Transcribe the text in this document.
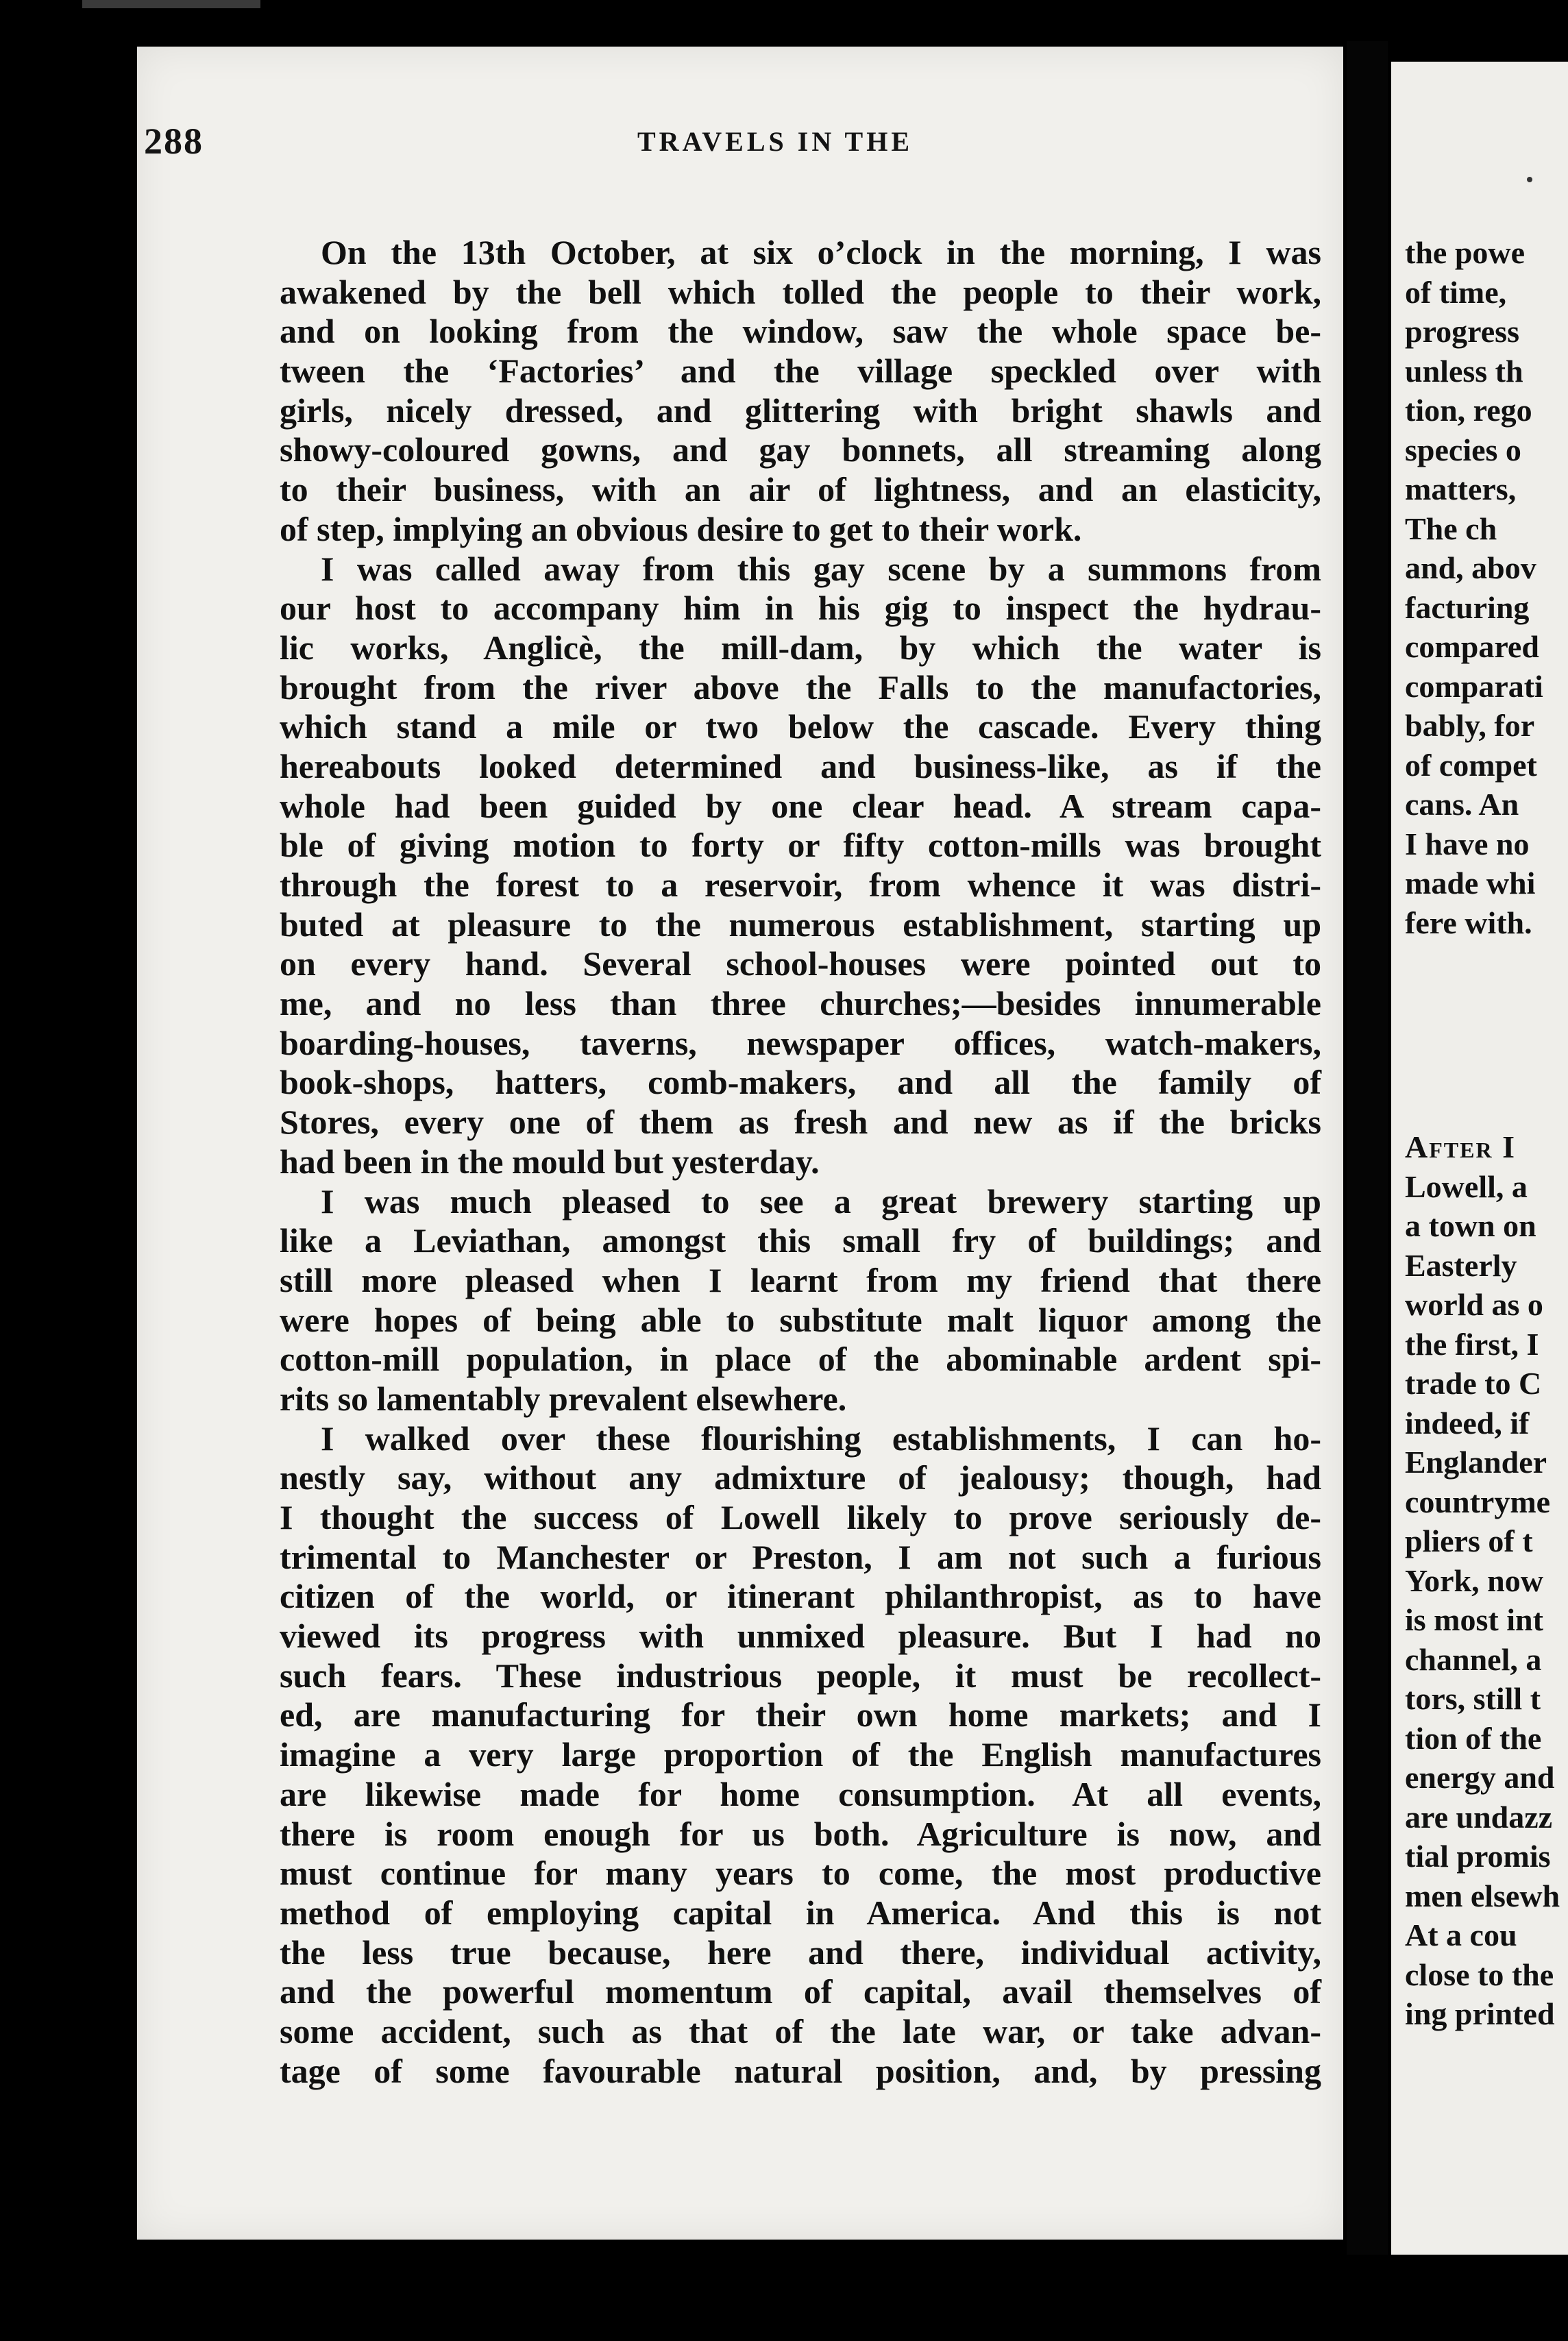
288	TRAVELS IN THE
On the 13th October, at six o’clock in the morning, I was
awakened by the bell which tolled the people to their work,
and on looking from the window, saw the whole space be-
tween the ‘Factories’ and the village speckled over with
girls, nicely dressed, and glittering with bright shawls and
showy-coloured gowns, and gay bonnets, all streaming along
to their business, with an air of lightness, and an elasticity,
of step, implying an obvious desire to get to their work.
I was called away from this gay scene by a summons from
our host to accompany him in his gig to inspect the hydrau-
lic works, Anglicè, the mill-dam, by which the water is
brought from the river above the Falls to the manufactories,
which stand a mile or two below the cascade. Every thing
hereabouts looked determined and business-like, as if the
whole had been guided by one clear head. A stream capa-
ble of giving motion to forty or fifty cotton-mills was brought
through the forest to a reservoir, from whence it was distri-
buted at pleasure to the numerous establishment, starting up
on every hand. Several school-houses were pointed out to
me, and no less than three churches;—besides innumerable
boarding-houses, taverns, newspaper offices, watch-makers,
book-shops, hatters, comb-makers, and all the family of
Stores, every one of them as fresh and new as if the bricks
had been in the mould but yesterday.
I was much pleased to see a great brewery starting up
like a Leviathan, amongst this small fry of buildings; and
still more pleased when I learnt from my friend that there
were hopes of being able to substitute malt liquor among the
cotton-mill population, in place of the abominable ardent spi-
rits so lamentably prevalent elsewhere.
I walked over these flourishing establishments, I can ho-
nestly say, without any admixture of jealousy; though, had
I thought the success of Lowell likely to prove seriously de-
trimental to Manchester or Preston, I am not such a furious
citizen of the world, or itinerant philanthropist, as to have
viewed its progress with unmixed pleasure. But I had no
such fears. These industrious people, it must be recollect-
ed, are manufacturing for their own home markets; and I
imagine a very large proportion of the English manufactures
are likewise made for home consumption. At all events,
there is room enough for us both. Agriculture is now, and
must continue for many years to come, the most productive
method of employing capital in America. And this is not
the less true because, here and there, individual activity,
and the powerful momentum of capital, avail themselves of
some accident, such as that of the late war, or take advan-
tage of some favourable natural position, and, by pressing
the powe
of time,
progress
unless th
tion, rego
species o
matters,
The ch
and, abov
facturing
compared
comparati
bably, for
of compet
cans. An
I have no
made whi
fere with.
After I
Lowell, a
a town on
Easterly
world as o
the first, I
trade to C
indeed, if
Englander
countryme
pliers of t
York, now
is most int
channel, a
tors, still t
tion of the
energy and
are undazz
tial promis
men elsewh
At a cou
close to the
ing printed
